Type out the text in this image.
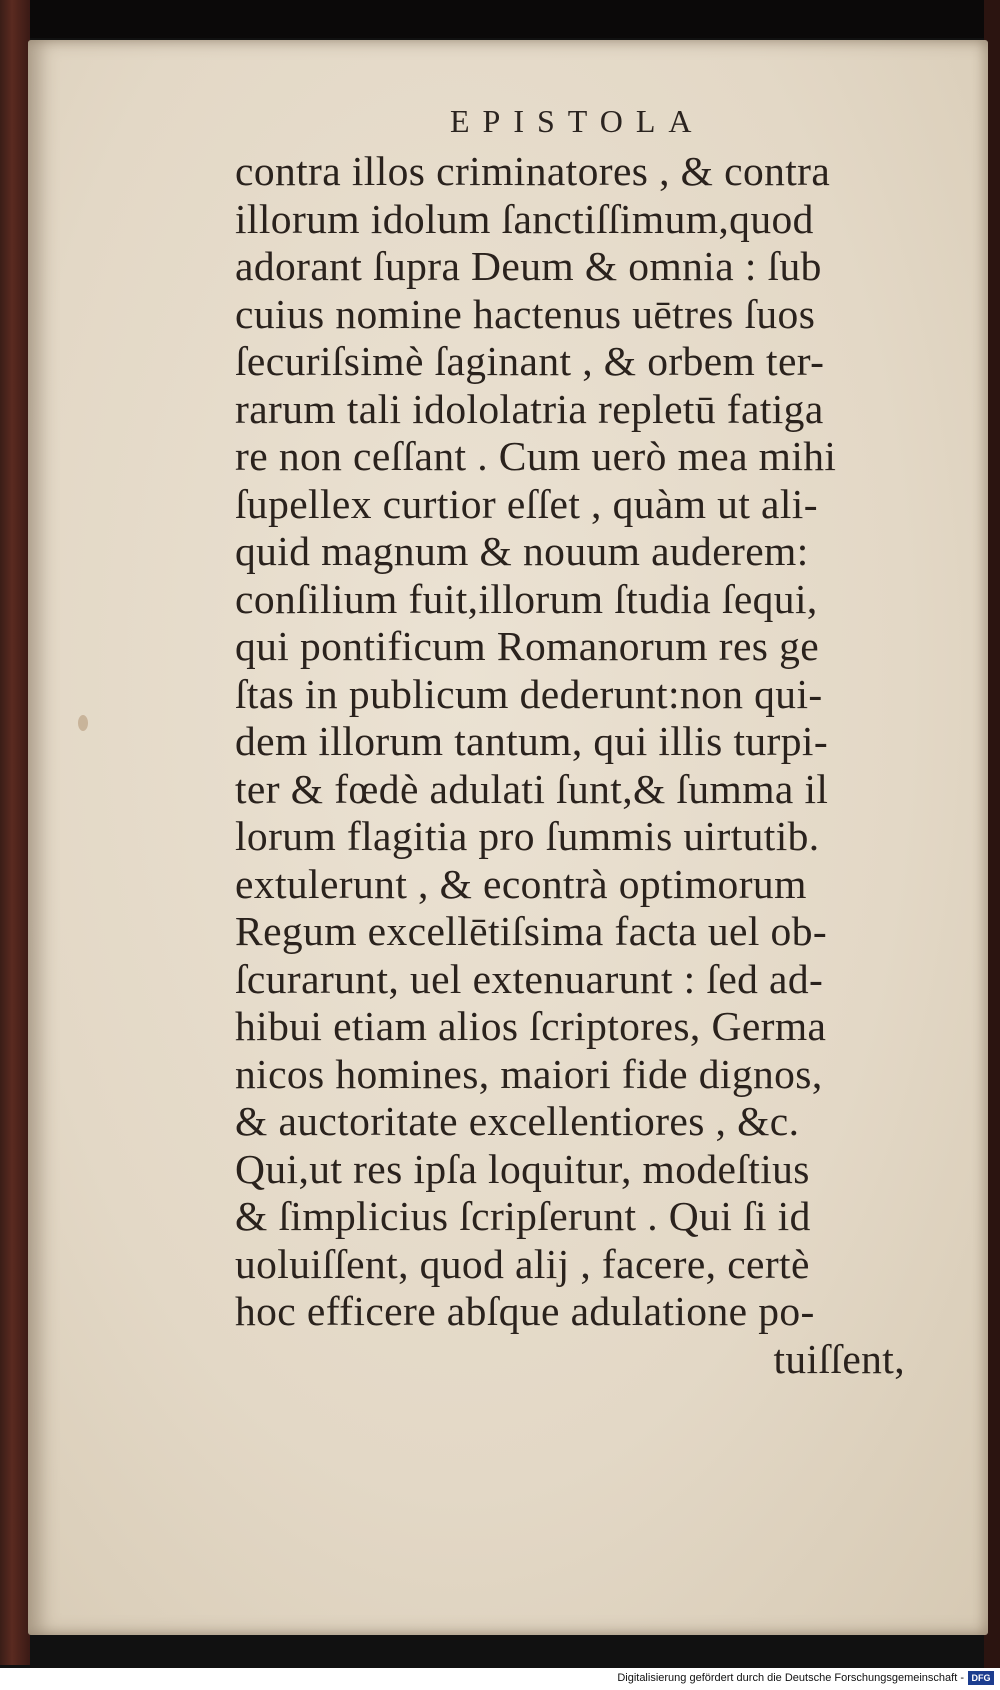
EPISTOLA
contra illos criminatores , & contra
illorum idolum ſanctiſſimum,quod
adorant ſupra Deum & omnia : ſub
cuius nomine hactenus uētres ſuos
ſecuriſsimè ſaginant , & orbem ter-
rarum tali idololatria repletū fatiga
re non ceſſant . Cum uerò mea mihi
ſupellex curtior eſſet , quàm ut ali-
quid magnum & nouum auderem:
conſilium fuit,illorum ſtudia ſequi,
qui pontificum Romanorum res ge
ſtas in publicum dederunt:non qui-
dem illorum tantum, qui illis turpi-
ter & fœdè adulati ſunt,& ſumma il
lorum flagitia pro ſummis uirtutib.
extulerunt , & econtrà optimorum
Regum excellētiſsima facta uel ob-
ſcurarunt, uel extenuarunt : ſed ad-
hibui etiam alios ſcriptores, Germa
nicos homines, maiori fide dignos,
& auctoritate excellentiores , &c.
Qui,ut res ipſa loquitur, modeſtius
& ſimplicius ſcripſerunt . Qui ſi id
uoluiſſent, quod alij , facere, certè
hoc efficere abſque adulatione po-
tuiſſent,
Digitalisierung gefördert durch die Deutsche Forschungsgemeinschaft - DFG
